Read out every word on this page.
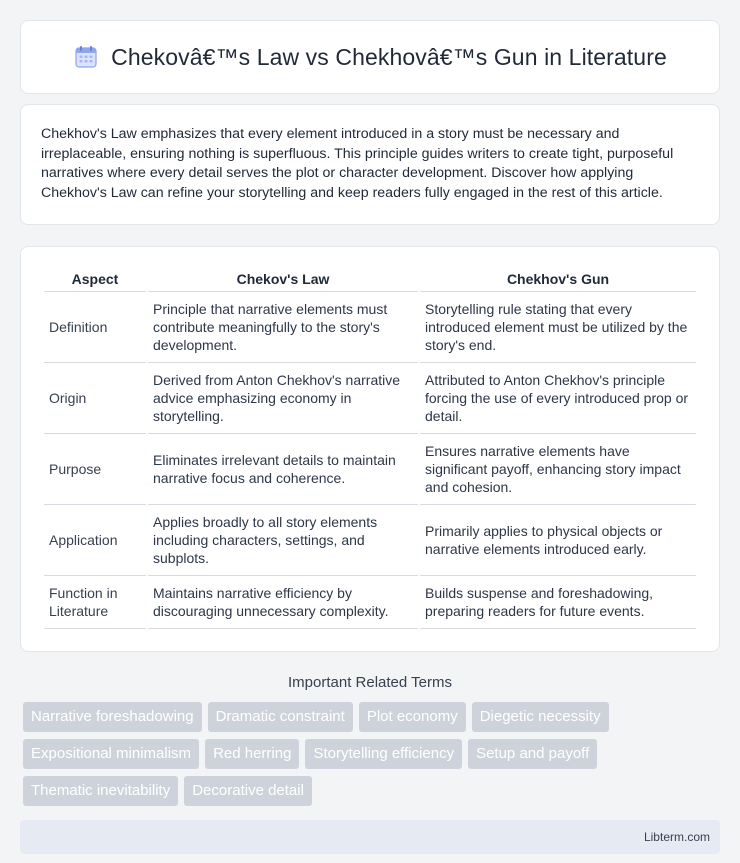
Chekovâ€™s Law vs Chekhovâ€™s Gun in Literature

Chekhov's Law emphasizes that every element introduced in a story must be necessary and irreplaceable, ensuring nothing is superfluous. This principle guides writers to create tight, purposeful narratives where every detail serves the plot or character development. Discover how applying Chekhov's Law can refine your storytelling and keep readers fully engaged in the rest of this article.

Aspect	Chekov's Law	Chekhov's Gun
Definition	Principle that narrative elements must contribute meaningfully to the story's development.	Storytelling rule stating that every introduced element must be utilized by the story's end.
Origin	Derived from Anton Chekhov's narrative advice emphasizing economy in storytelling.	Attributed to Anton Chekhov's principle forcing the use of every introduced prop or detail.
Purpose	Eliminates irrelevant details to maintain narrative focus and coherence.	Ensures narrative elements have significant payoff, enhancing story impact and cohesion.
Application	Applies broadly to all story elements including characters, settings, and subplots.	Primarily applies to physical objects or narrative elements introduced early.
Function in Literature	Maintains narrative efficiency by discouraging unnecessary complexity.	Builds suspense and foreshadowing, preparing readers for future events.
Important Related Terms
Narrative foreshadowing	Dramatic constraint	Plot economy	Diegetic necessity
Expositional minimalism	Red herring	Storytelling efficiency	Setup and payoff
Thematic inevitability	Decorative detail
Libterm.com
